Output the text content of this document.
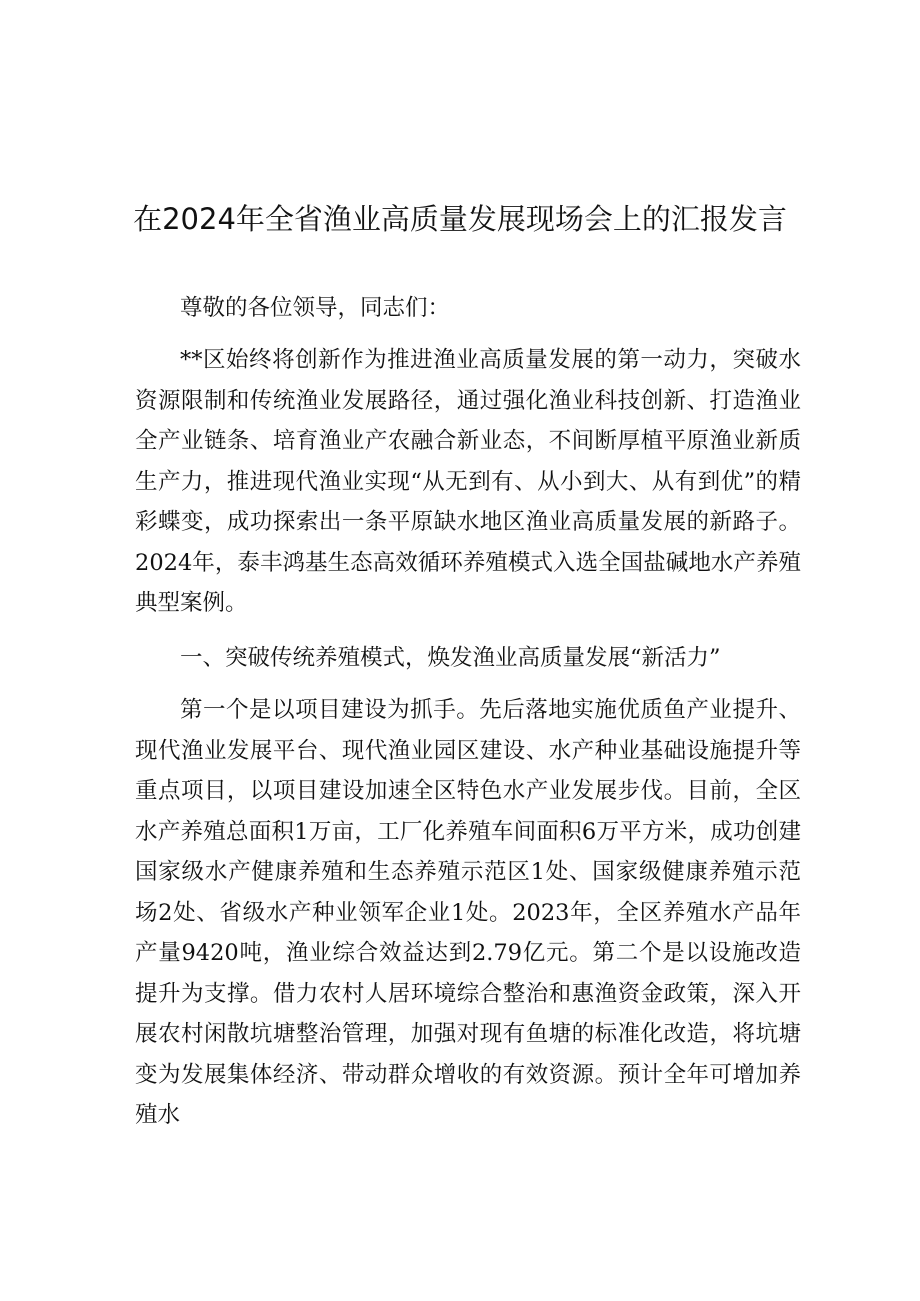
在2024年全省渔业高质量发展现场会上的汇报发言

尊敬的各位领导，同志们：

**区始终将创新作为推进渔业高质量发展的第一动力，突破水资源限制和传统渔业发展路径，通过强化渔业科技创新、打造渔业全产业链条、培育渔业产农融合新业态，不间断厚植平原渔业新质生产力，推进现代渔业实现“从无到有、从小到大、从有到优”的精彩蝶变，成功探索出一条平原缺水地区渔业高质量发展的新路子。2024年，泰丰鸿基生态高效循环养殖模式入选全国盐碱地水产养殖典型案例。

一、突破传统养殖模式，焕发渔业高质量发展“新活力”

第一个是以项目建设为抓手。先后落地实施优质鱼产业提升、现代渔业发展平台、现代渔业园区建设、水产种业基础设施提升等重点项目，以项目建设加速全区特色水产业发展步伐。目前，全区水产养殖总面积1万亩，工厂化养殖车间面积6万平方米，成功创建国家级水产健康养殖和生态养殖示范区1处、国家级健康养殖示范场2处、省级水产种业领军企业1处。2023年，全区养殖水产品年产量9420吨，渔业综合效益达到2.79亿元。第二个是以设施改造提升为支撑。借力农村人居环境综合整治和惠渔资金政策，深入开展农村闲散坑塘整治管理，加强对现有鱼塘的标准化改造，将坑塘变为发展集体经济、带动群众增收的有效资源。预计全年可增加养殖水
